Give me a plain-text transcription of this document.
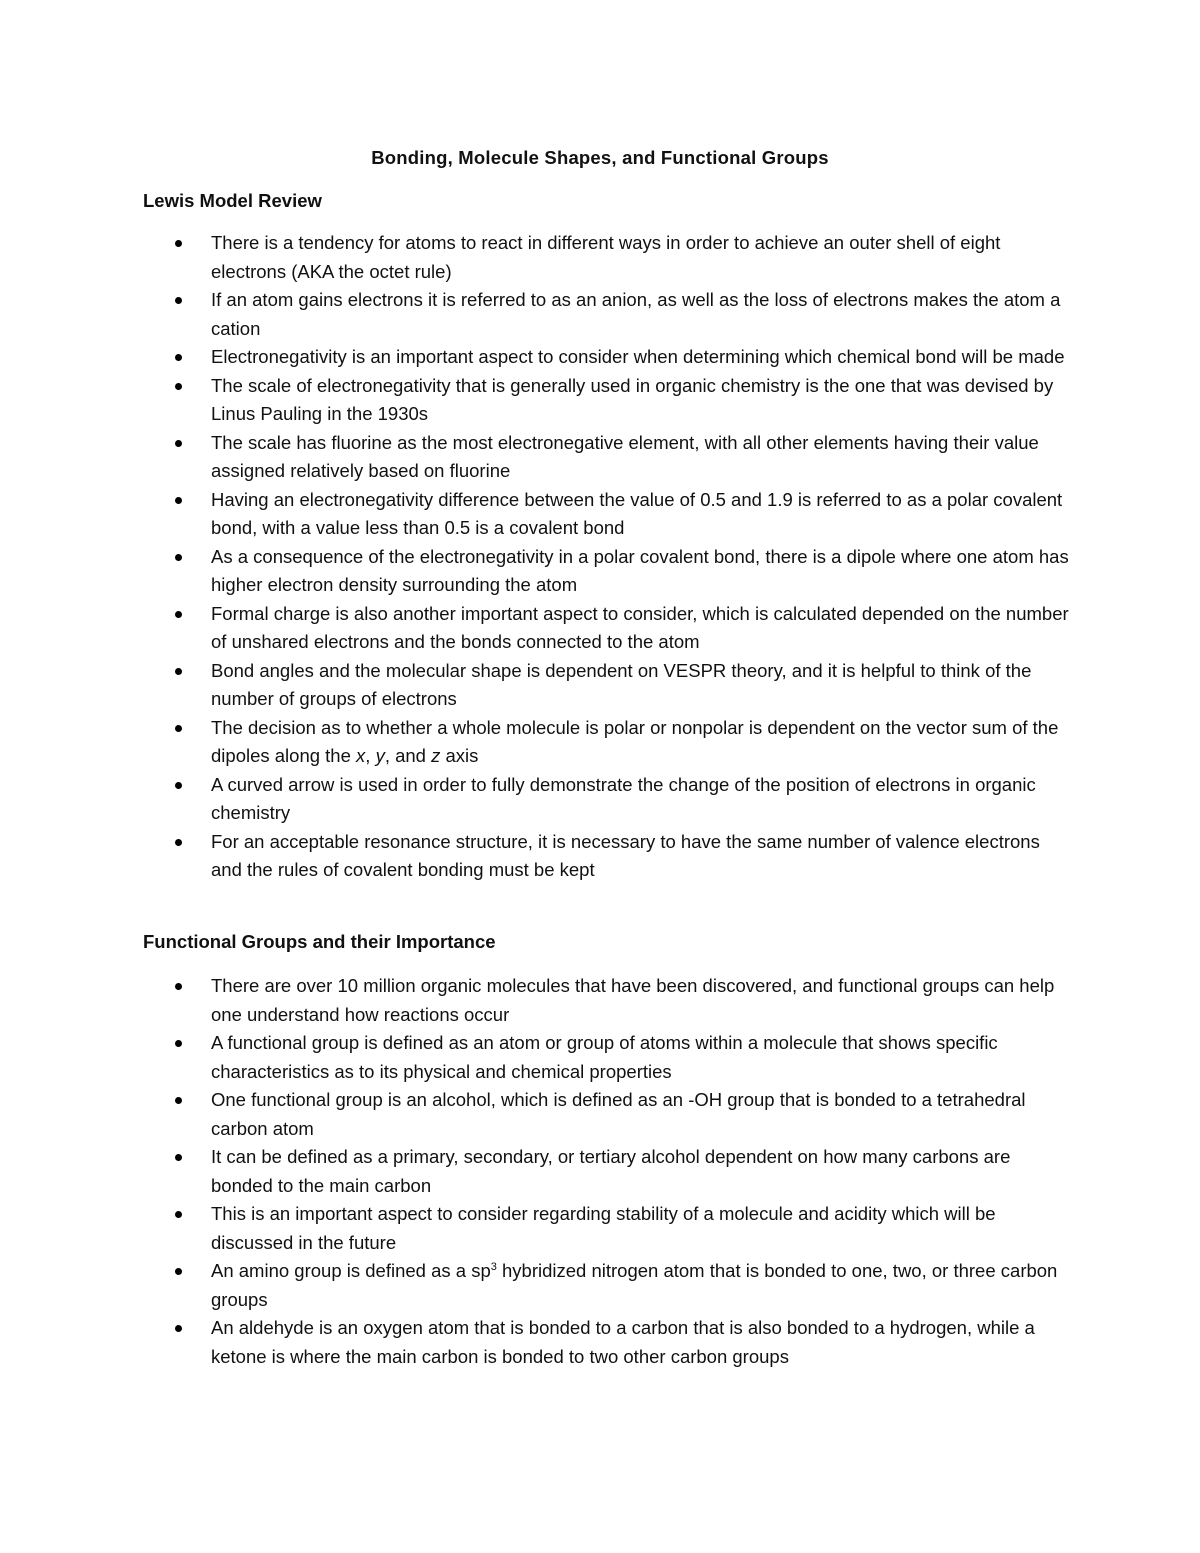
Bonding, Molecule Shapes, and Functional Groups
Lewis Model Review
There is a tendency for atoms to react in different ways in order to achieve an outer shell of eight electrons (AKA the octet rule)
If an atom gains electrons it is referred to as an anion, as well as the loss of electrons makes the atom a cation
Electronegativity is an important aspect to consider when determining which chemical bond will be made
The scale of electronegativity that is generally used in organic chemistry is the one that was devised by Linus Pauling in the 1930s
The scale has fluorine as the most electronegative element, with all other elements having their value assigned relatively based on fluorine
Having an electronegativity difference between the value of 0.5 and 1.9 is referred to as a polar covalent bond, with a value less than 0.5 is a covalent bond
As a consequence of the electronegativity in a polar covalent bond, there is a dipole where one atom has higher electron density surrounding the atom
Formal charge is also another important aspect to consider, which is calculated depended on the number of unshared electrons and the bonds connected to the atom
Bond angles and the molecular shape is dependent on VESPR theory, and it is helpful to think of the number of groups of electrons
The decision as to whether a whole molecule is polar or nonpolar is dependent on the vector sum of the dipoles along the x, y, and z axis
A curved arrow is used in order to fully demonstrate the change of the position of electrons in organic chemistry
For an acceptable resonance structure, it is necessary to have the same number of valence electrons and the rules of covalent bonding must be kept
Functional Groups and their Importance
There are over 10 million organic molecules that have been discovered, and functional groups can help one understand how reactions occur
A functional group is defined as an atom or group of atoms within a molecule that shows specific characteristics as to its physical and chemical properties
One functional group is an alcohol, which is defined as an -OH group that is bonded to a tetrahedral carbon atom
It can be defined as a primary, secondary, or tertiary alcohol dependent on how many carbons are bonded to the main carbon
This is an important aspect to consider regarding stability of a molecule and acidity which will be discussed in the future
An amino group is defined as a $sp^3$ hybridized nitrogen atom that is bonded to one, two, or three carbon groups
An aldehyde is an oxygen atom that is bonded to a carbon that is also bonded to a hydrogen, while a ketone is where the main carbon is bonded to two other carbon groups
